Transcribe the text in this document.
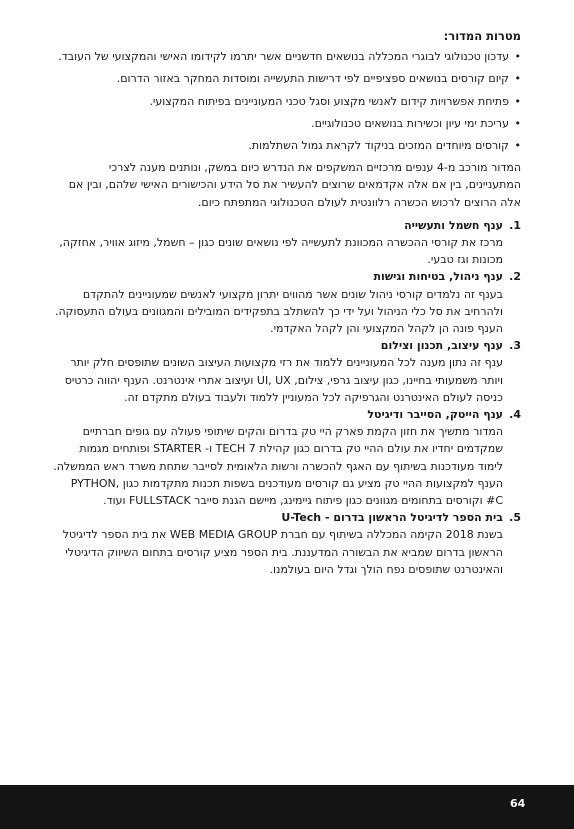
מטרות המדור:
• עדכון טכנולוגי לבוגרי המכללה בנושאים חדשניים אשר יתרמו לקידומו האישי והמקצועי של העובד.
• קיום קורסים בנושאים ספציפיים לפי דרישות התעשייה ומוסדות המחקר באזור הדרום.
• פתיחת אפשרויות קידום לאנשי מקצוע וסגל טכני המעוניינים בפיתוח המקצועי.
• עריכת ימי עיון וכשירות בנושאים טכנולוגיים.
• קורסים מיוחדים המזכים בניקוד לקראת גמול השתלמות.

המדור מורכב מ-4 ענפים מרכזיים המשקפים את הנדרש כיום במשק, ונותנים מענה לצרכי המתעניינים, בין אם אלה אקדמאים שרוצים להעשיר את סל הידע והכישורים האישי שלהם, ובין אם אלה הרוצים לרכוש הכשרה רלוונטית לעולם הטכנולוגי המתפתח כיום.

1.
ענף חשמל ותעשייה

מרכז את קורסי ההכשרה המכוונת לתעשייה לפי נושאים שונים כגון – חשמל, מיזוג אוויר, אחזקה, מכונות וגז טבעי.

2.
ענף ניהול, בטיחות וגישות

בענף זה נלמדים קורסי ניהול שונים אשר מהווים יתרון מקצועי לאנשים שמעוניינים להתקדם ולהרחיב את סל כלי הניהול ועל ידי כך להשתלב בתפקידים המובילים והמגוונים בעולם התעסוקה. הענף פונה הן לקהל המקצועי והן לקהל האקדמי.

3.
ענף עיצוב, תכנון וצילום

ענף זה נתון מענה לכל המעוניינים ללמוד את רזי מקצועות העיצוב השונים שתופסים חלק יותר ויותר משמעותי בחיינו, כגון עיצוב גרפי, צילום, UI, UX ועיצוב אתרי אינטרנט. הענף יהווה כרטיס כניסה לעולם האינטרנט והגרפיקה לכל המעוניין ללמוד ולעבוד בעולם מתקדם זה.

4.
ענף הייטק, הסייבר ודיגיטל

המדור מתשיך את חזון הקמת פארק היי טק בדרום והקים שיתופי פעולה עם גופים חברתיים שמקדמים יחדיו את עולם ההיי טק בדרום כגון קהילת 7 TECH ו- STARTER ופותחים מגמות לימוד מעודכנות בשיתוף עם האגף להכשרה ורשות הלאומית לסייבר שתחת משרד ראש הממשלה.

הענף למקצועות ההיי טק מציע גם קורסים מעודכנים בשפות תכנות מתקדמות כגון PYTHON, C# וקורסים בתחומים מגוונים כגון פיתוח גיימינג, מיישם הגנת סייבר FULLSTACK ועוד.

5.
בית הספר לדיגיטל הראשון בדרום - U-Tech

בשנת 2018 הקימה המכללה בשיתוף עם חברת WEB MEDIA GROUP את בית הספר לדיגיטל הראשון בדרום שמביא את הבשורה המדעננת. בית הספר מציע קורסים בתחום השיווק הדיגיטלי והאינטרנט שתופסים נפח הולך וגדל היום בעולמנו.

64
